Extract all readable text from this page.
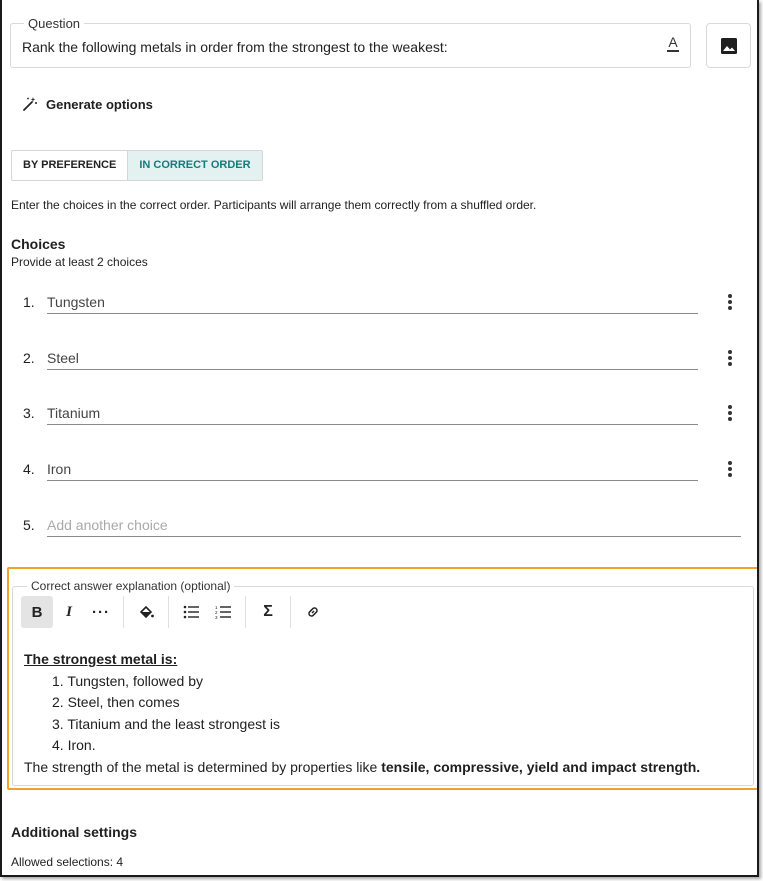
Question
Rank the following metals in order from the strongest to the weakest:	A
Generate options
BY PREFERENCE	IN CORRECT ORDER
Enter the choices in the correct order. Participants will arrange them correctly from a shuffled order.
Choices
Provide at least 2 choices
1. Tungsten
2. Steel
3. Titanium
4. Iron
5. Add another choice
Correct answer explanation (optional)
B	I	···	1
2
3	Σ
The strongest metal is:
1. Tungsten, followed by
2. Steel, then comes
3. Titanium and the least strongest is
4. Iron.
The strength of the metal is determined by properties like tensile, compressive, yield and impact strength.
Additional settings
Allowed selections: 4
